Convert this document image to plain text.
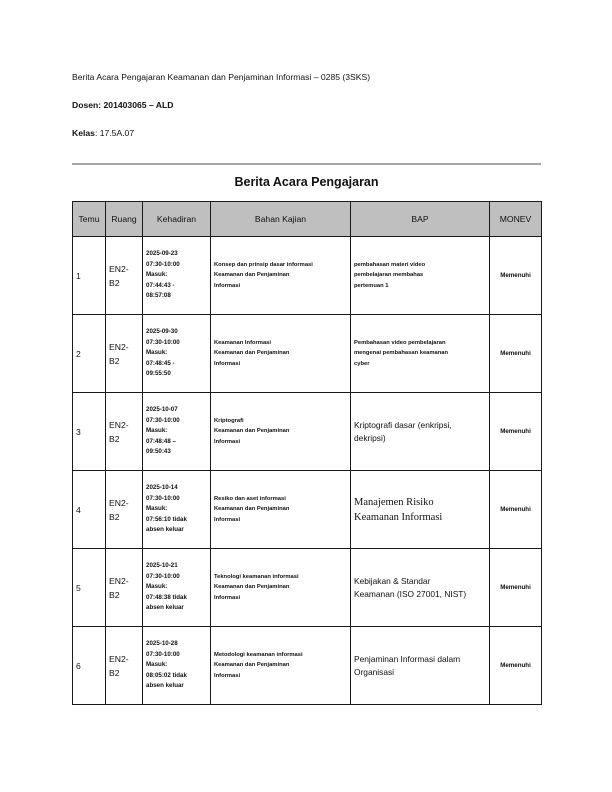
Berita Acara Pengajaran Keamanan dan Penjaminan Informasi – 0285 (3SKS)
Dosen: 201403065 – ALD
Kelas: 17.5A.07
Berita Acara Pengajaran
Temu	Ruang	Kehadiran	Bahan Kajian	BAP	MONEV
1	EN2-
B2	2025-09-23
07:30-10:00
Masuk:
07:44:43 -
08:57:08	Konsep dan prinsip dasar informasi
Keamanan dan Penjaminan
Informasi	pembahasan materi video
pembelajaran membahas
pertemuan 1	Memenuhi
2	EN2-
B2	2025-09-30
07:30-10:00
Masuk:
07:48:45 -
09:55:50	Keamanan Informasi
Keamanan dan Penjaminan
Informasi	Pembahasan video pembelajaran
mengenai pembahasan keamanan
cyber	Memenuhi
3	EN2-
B2	2025-10-07
07:30-10:00
Masuk:
07:48:48 –
09:50:43	Kriptografi
Keamanan dan Penjaminan
Informasi	Kriptografi dasar (enkripsi,
dekripsi)	Memenuhi
4	EN2-
B2	2025-10-14
07:30-10:00
Masuk:
07:56:10 tidak
absen keluar	Resiko dan aset informasi
Keamanan dan Penjaminan
Informasi	Manajemen Risiko
Keamanan Informasi	Memenuhi
5	EN2-
B2	2025-10-21
07:30-10:00
Masuk:
07:48:38 tidak
absen keluar	Teknologi keamanan informasi
Keamanan dan Penjaminan
Informasi	Kebijakan & Standar
Keamanan (ISO 27001, NIST)	Memenuhi
6	EN2-
B2	2025-10-28
07:30-10:00
Masuk:
08:05:02 tidak
absen keluar	Metodologi keamanan informasi
Keamanan dan Penjaminan
Informasi	Penjaminan Informasi dalam
Organisasi	Memenuhi
